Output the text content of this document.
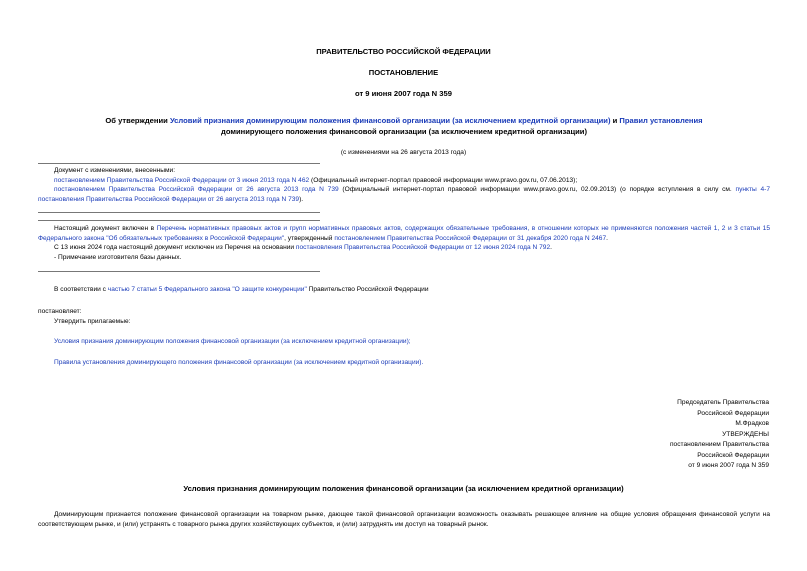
ПРАВИТЕЛЬСТВО РОССИЙСКОЙ ФЕДЕРАЦИИ
ПОСТАНОВЛЕНИЕ
от 9 июня 2007 года N 359
Об утверждении Условий признания доминирующим положения финансовой организации (за исключением кредитной организации) и Правил установления
доминирующего положения финансовой организации (за исключением кредитной организации)
(с изменениями на 26 августа 2013 года)
Документ с изменениями, внесенными:
постановлением Правительства Российской Федерации от 3 июня 2013 года N 462 (Официальный интернет-портал правовой информации www.pravo.gov.ru, 07.06.2013);
постановлением Правительства Российской Федерации от 26 августа 2013 года N 739 (Официальный интернет-портал правовой информации www.pravo.gov.ru, 02.09.2013) (о порядке вступления в силу см. пункты 4-7 постановления Правительства Российской Федерации от 26 августа 2013 года N 739).
Настоящий документ включен в Перечень нормативных правовых актов и групп нормативных правовых актов, содержащих обязательные требования, в отношении которых не применяются положения частей 1, 2 и 3 статьи 15 Федерального закона "Об обязательных требованиях в Российской Федерации", утвержденный постановлением Правительства Российской Федерации от 31 декабря 2020 года N 2467.
С 13 июня 2024 года настоящий документ исключен из Перечня на основании постановления Правительства Российской Федерации от 12 июня 2024 года N 792.
- Примечание изготовителя базы данных.
В соответствии с частью 7 статьи 5 Федерального закона "О защите конкуренции" Правительство Российской Федерации
постановляет:
Утвердить прилагаемые:
Условия признания доминирующим положения финансовой организации (за исключением кредитной организации);
Правила установления доминирующего положения финансовой организации (за исключением кредитной организации).
Председатель Правительства
Российской Федерации
М.Фрадков
УТВЕРЖДЕНЫ
постановлением Правительства
Российской Федерации
от 9 июня 2007 года N 359
Условия признания доминирующим положения финансовой организации (за исключением кредитной организации)
Доминирующим признается положение финансовой организации на товарном рынке, дающее такой финансовой организации возможность оказывать решающее влияние на общие условия обращения финансовой услуги на соответствующем рынке, и (или) устранять с товарного рынка других хозяйствующих субъектов, и (или) затруднять им доступ на товарный рынок.
